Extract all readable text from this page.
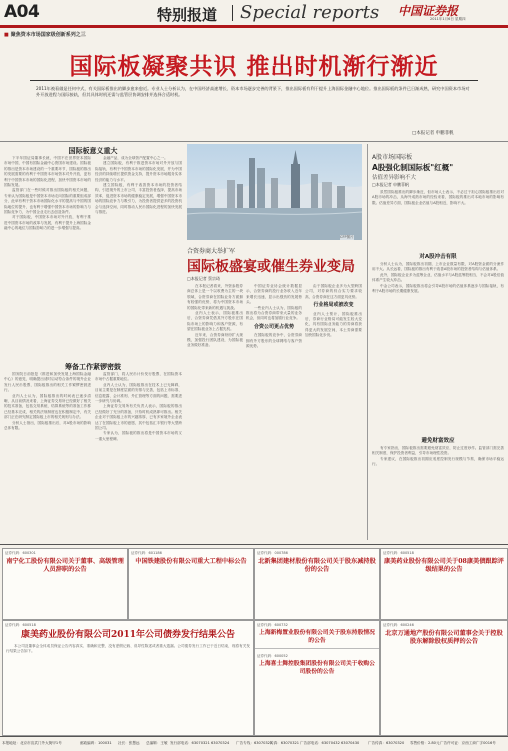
A04	特别报道 Special reports 中国证券报
2011年1月6日 星期四
■ 聚焦资本市场国家级创新系列之三
国际板凝聚共识 推出时机渐行渐近
2011年被看做是任何中式，有关国际板推出的脚步愈来愈近。专业人士分析认为，在中国经济高速增长、资本市场逐步完善的背景下，推出国际板有利于提升上海国际金融中心地位。推出国际板的条件已日渐成熟，研究中国资本市场对外开放进程与国际接轨，但其具体时机还需与监管层协调安排并选择合适时机。
□本报记者 申鹏菲帆
国际板意义重大

下半年国证局董事长就，中国不在世界资本国际市场中国，中国有国际金融中心资国市场建设。国际板的推出是资本市场建设的一个重要环节，国际板的推出的发展需要的有利于中国资本市场资本对外开放，更有利于中国资本市场的国际化进程，加快中国资本市场的国际发展。

监管部门在一些时候对推出国际板的相关问题，专家认为国际板是中国资本市场走向国际的重要组成部分，此举有利于资本市场国际化水平的提高与中国的国际地位的提升，也有利于增强中国资本市场的影响力与国际竞争力，为中国企业走出去创造条件。

对于国际板，中国资本市场对外开放，有利于推进中国资本市场的改革与发展，有利于提升上海国际金融中心的地位与国际影响力的进一步增强与提高。

金融产品，成为全球资产配置中心之一。

建立国际板，有利于推进资本市场对外开放与国际接轨，有利于中国资本市场的国际化发展，并为中国经济的持续增长提供资金支持，提升资本市场服务实体经济的能力与水平。

建立国际板，有利于改善资本市场的投资者结构，引进境外的上市公司，丰富投资者选择，提高市场效率，促进资本市场的健康稳定发展，增强中国资本市场的国际竞争力与吸引力，为投资者提供更多的投资机会与选择空间，同时推动人民币国际化进程的加快发展与推进。

筹备工作紧锣密鼓

国务院日前批复《推进和加快发展上海国际金融中心》的意见，明确提出适时启动符合条件的境外企业发行人民币股票，国际板推出的相关工作紧锣密鼓进行。

业内人士认为，国际板推出的时间表已逐步清晰，从目前情况来看，上海证券交易所已经做好了相关的技术准备，包括交易系统、结算系统等的准备工作都已经基本完成，相关的法规制度也在积极制定中，有关部门正在研究制定国际板上市的相关规则与办法。

分析人士指出，国际板推出后，对A股市场的影响总体有限。

监管部门，将人民币计价发行股票，在国际资本市场中占据重要地位。

业内人士认为，国际板推出在技术上已无障碍，目前主要是在制度层面的安排与完善，包括上市标准、信息披露、会计准则、外汇管理等方面的问题，需要进一步研究与协调。

上海证券交易所有关负责人表示，国际板的推出已经做好了充分的准备，只待时机成熟即可推出。相关企业对于国际板上市的兴趣浓厚，已有多家境外企业表达了在国际板上市的意愿，其中包括汇丰银行等大型跨国公司。

专家认为，国际板的推出将是中国资本市场的又一重大里程碑。

CFP图片
合资券商大举扩军
国际板盛宴或催生券业变局
□本报记者 蔡宗琦

在本报记者看来，外资参股券商总体上是一个以收费为主的一块领域，合资券商在国际业务方面拥有较强的优势，将为中国资本市场的国际化带来新的机遇与挑战。

业内人士表示，国际板推出后，合资券商凭借其外方股东在国际市场上的影响力和客户资源，有望在国际板业务上占据先机。

近年来，合资券商纷纷扩大规模，加强投行团队建设，为国际板业务做好准备。

中国证券业协会统计数据显示，合资券商的投行业务收入近年来增长迅速，显示出强劲的发展势头。

一些业内人士认为，国际板的推出将为合资券商带来大量的业务机会，但同时也将加剧行业竞争。

合资公司更占优势

在国际板的竞争中，合资券商拥有外方股东的全球网络与客户资源优势。

由于国际板企业多为大型跨国公司，对券商的综合实力要求较高，合资券商在这方面更具优势。

行业格局或被改变

业内人士预计，国际板推出后，券商行业格局可能发生较大变化，具有国际业务能力的券商将获得更大的发展空间，本土券商需要加快国际化步伐。

A股市场国际板
A股强化制国际板"红概"
估值差异影响不大
□本报记者 申鹏菲帆

虽然国际板推出的脚步渐近，但市场人士表示，不必过于担心国际板推出后对A股市场的冲击，从海外成熟市场的经验来看，国际板的推出对本地市场的影响有限。估值差异方面，国际板企业估值与A股相近，影响不大。

对A股冲击有限

分析人士认为，国际板推出初期，上市企业数量有限，对A股资金面的分流作用不大。从长远看，国际板的推出有利于改善A股市场的投资者结构与估值体系。

此外，国际板企业多为蓝筹企业，估值水平与A股蓝筹股相当，不会对A股估值体系产生较大冲击。

中金公司表示，国际板推出将会引导A股市场的估值体系逐步与国际接轨，有利于A股市场的长期健康发展。

避免财富效应

有专家指出，国际板推出需要避免财富效应，防止过度炒作。监管部门需完善相关制度，保护投资者利益，引导市场理性投资。

专家建议，在国际板推出初期应适度控制发行规模与节奏，确保市场平稳运行。

证券代码：600301
南宁化工股份有限公司关于董事、高级管理人员辞职的公告
证券代码：601186
中国铁建股份有限公司重大工程中标公告
证券代码：000786
北新集团建材股份有限公司关于股东减持股份的公告
证券代码：600518
康美药业股份有限公司关于08康美债跟踪评级结果的公告
证券代码：600518
康美药业股份有限公司2011年公司债券发行结果公告

本公司及董事会全体成员保证公告内容真实、准确和完整，没有虚假记载、误导性陈述或者重大遗漏。公司债券发行工作已于近日结束，现将有关发行结果公告如下。

证券代码：600732
上海新梅置业股份有限公司关于股东持股情况的公告
证券代码：600052
上海喜士舞控股集团股份有限公司关于收购公司股份的公告
证券代码：600246
北京万通地产股份有限公司董事会关于控股股东解除股权质押的公告
本报地址：北京市宣武门外大街甲1号	邮政编码：100031 社长：张慧远 总编辑：王敏 发行部电话：63070321 63070324 广告专线：63070322
传真：63070321 广告部电话：63070432 63070430 广告传真：63070320 零售价格：2.80元 广告许可证：京西工商广字0016号
